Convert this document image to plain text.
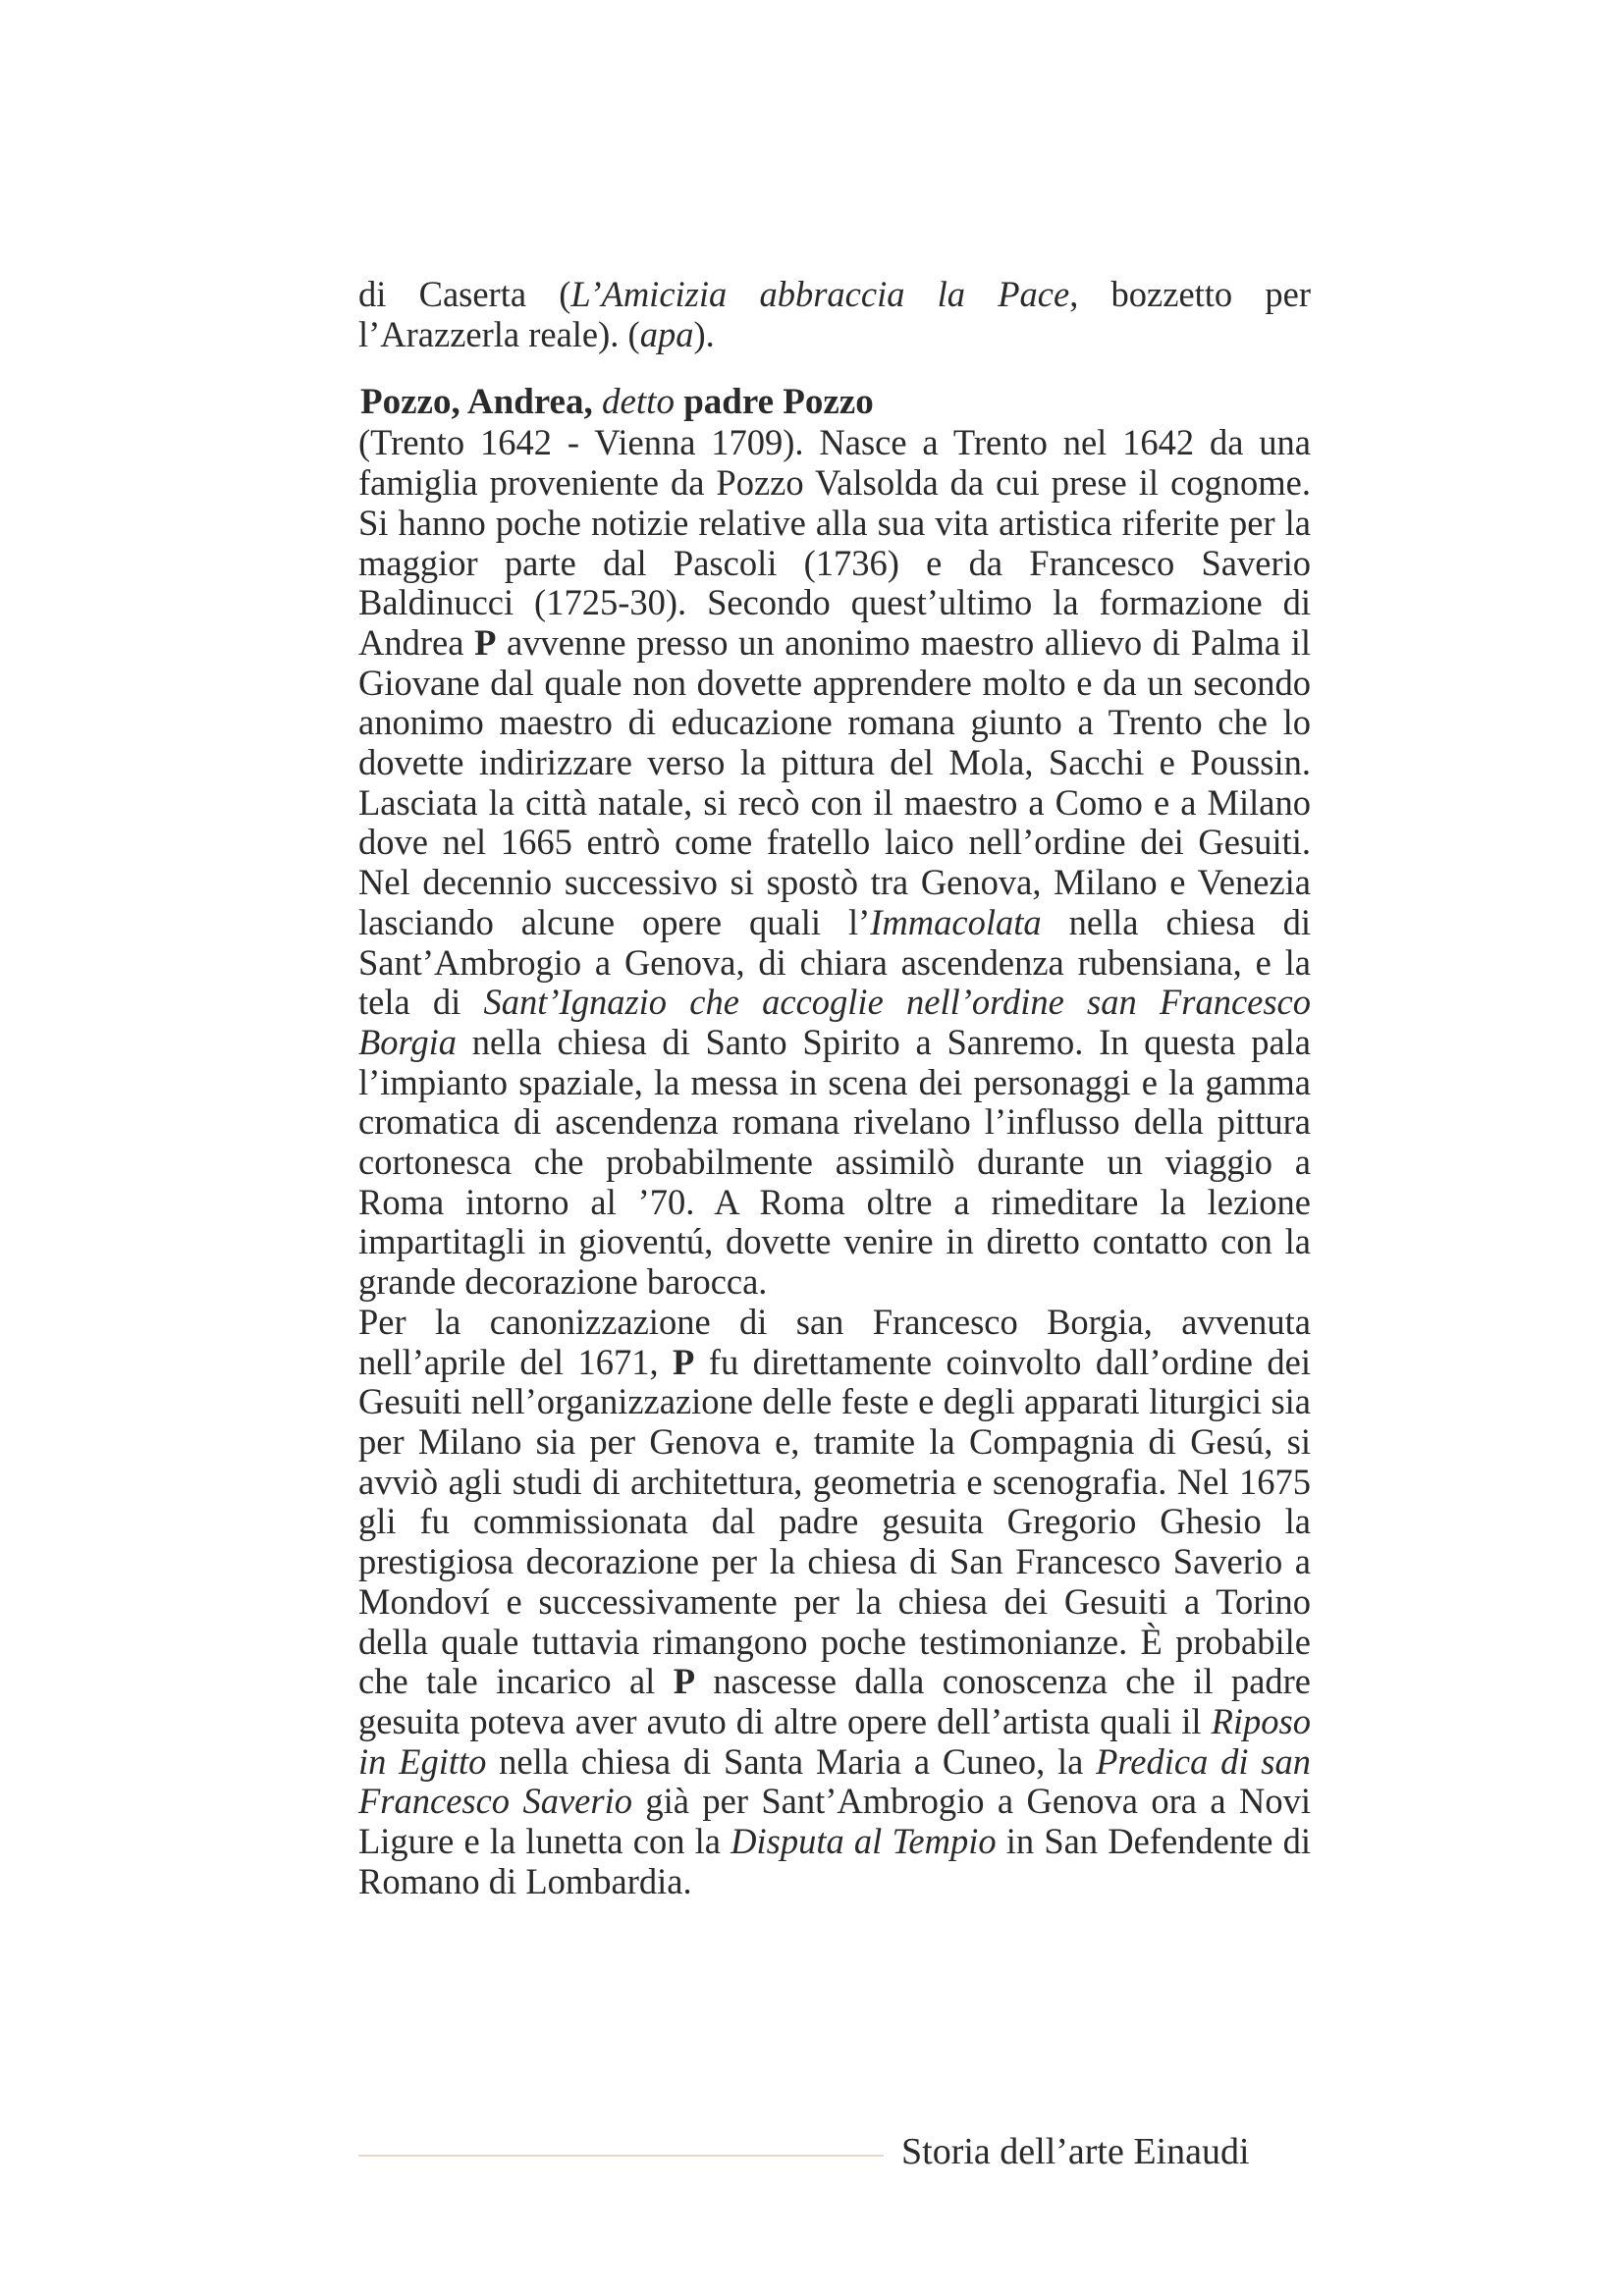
di Caserta (L’Amicizia abbraccia la Pace, bozzetto per l’Arazzerla reale). (apa).

Pozzo, Andrea, detto padre Pozzo

(Trento 1642 - Vienna 1709). Nasce a Trento nel 1642 da una famiglia proveniente da Pozzo Valsolda da cui prese il cognome. Si hanno poche notizie relative alla sua vita artistica riferite per la maggior parte dal Pascoli (1736) e da Francesco Saverio Baldinucci (1725-30). Secondo quest’ultimo la formazione di Andrea P avvenne presso un anonimo maestro allievo di Palma il Giovane dal quale non dovette apprendere molto e da un secondo anonimo maestro di educazione romana giunto a Trento che lo dovette indirizzare verso la pittura del Mola, Sacchi e Poussin. Lasciata la città natale, si recò con il maestro a Como e a Milano dove nel 1665 entrò come fratello laico nell’ordine dei Gesuiti. Nel decennio successivo si spostò tra Genova, Milano e Venezia lasciando alcune opere quali l’Immacolata nella chiesa di Sant’Ambrogio a Genova, di chiara ascendenza rubensiana, e la tela di Sant’Ignazio che accoglie nell’ordine san Francesco Borgia nella chiesa di Santo Spirito a Sanremo. In questa pala l’impianto spaziale, la messa in scena dei personaggi e la gamma cromatica di ascendenza romana rivelano l’influsso della pittura cortonesca che probabilmente assimilò durante un viaggio a Roma intorno al ’70. A Roma oltre a rimeditare la lezione impartitagli in gioventú, dovette venire in diretto contatto con la grande decorazione barocca.

Per la canonizzazione di san Francesco Borgia, avvenuta nell’aprile del 1671, P fu direttamente coinvolto dall’ordine dei Gesuiti nell’organizzazione delle feste e degli apparati liturgici sia per Milano sia per Genova e, tramite la Compagnia di Gesú, si avviò agli studi di architettura, geometria e scenografia. Nel 1675 gli fu commissionata dal padre gesuita Gregorio Ghesio la prestigiosa decorazione per la chiesa di San Francesco Saverio a Mondoví e successivamente per la chiesa dei Gesuiti a Torino della quale tuttavia rimangono poche testimonianze. È probabile che tale incarico al P nascesse dalla conoscenza che il padre gesuita poteva aver avuto di altre opere dell’artista quali il Riposo in Egitto nella chiesa di Santa Maria a Cuneo, la Predica di san Francesco Saverio già per Sant’Ambrogio a Genova ora a Novi Ligure e la lunetta con la Disputa al Tempio in San Defendente di Romano di Lombardia.

Storia dell’arte Einaudi
